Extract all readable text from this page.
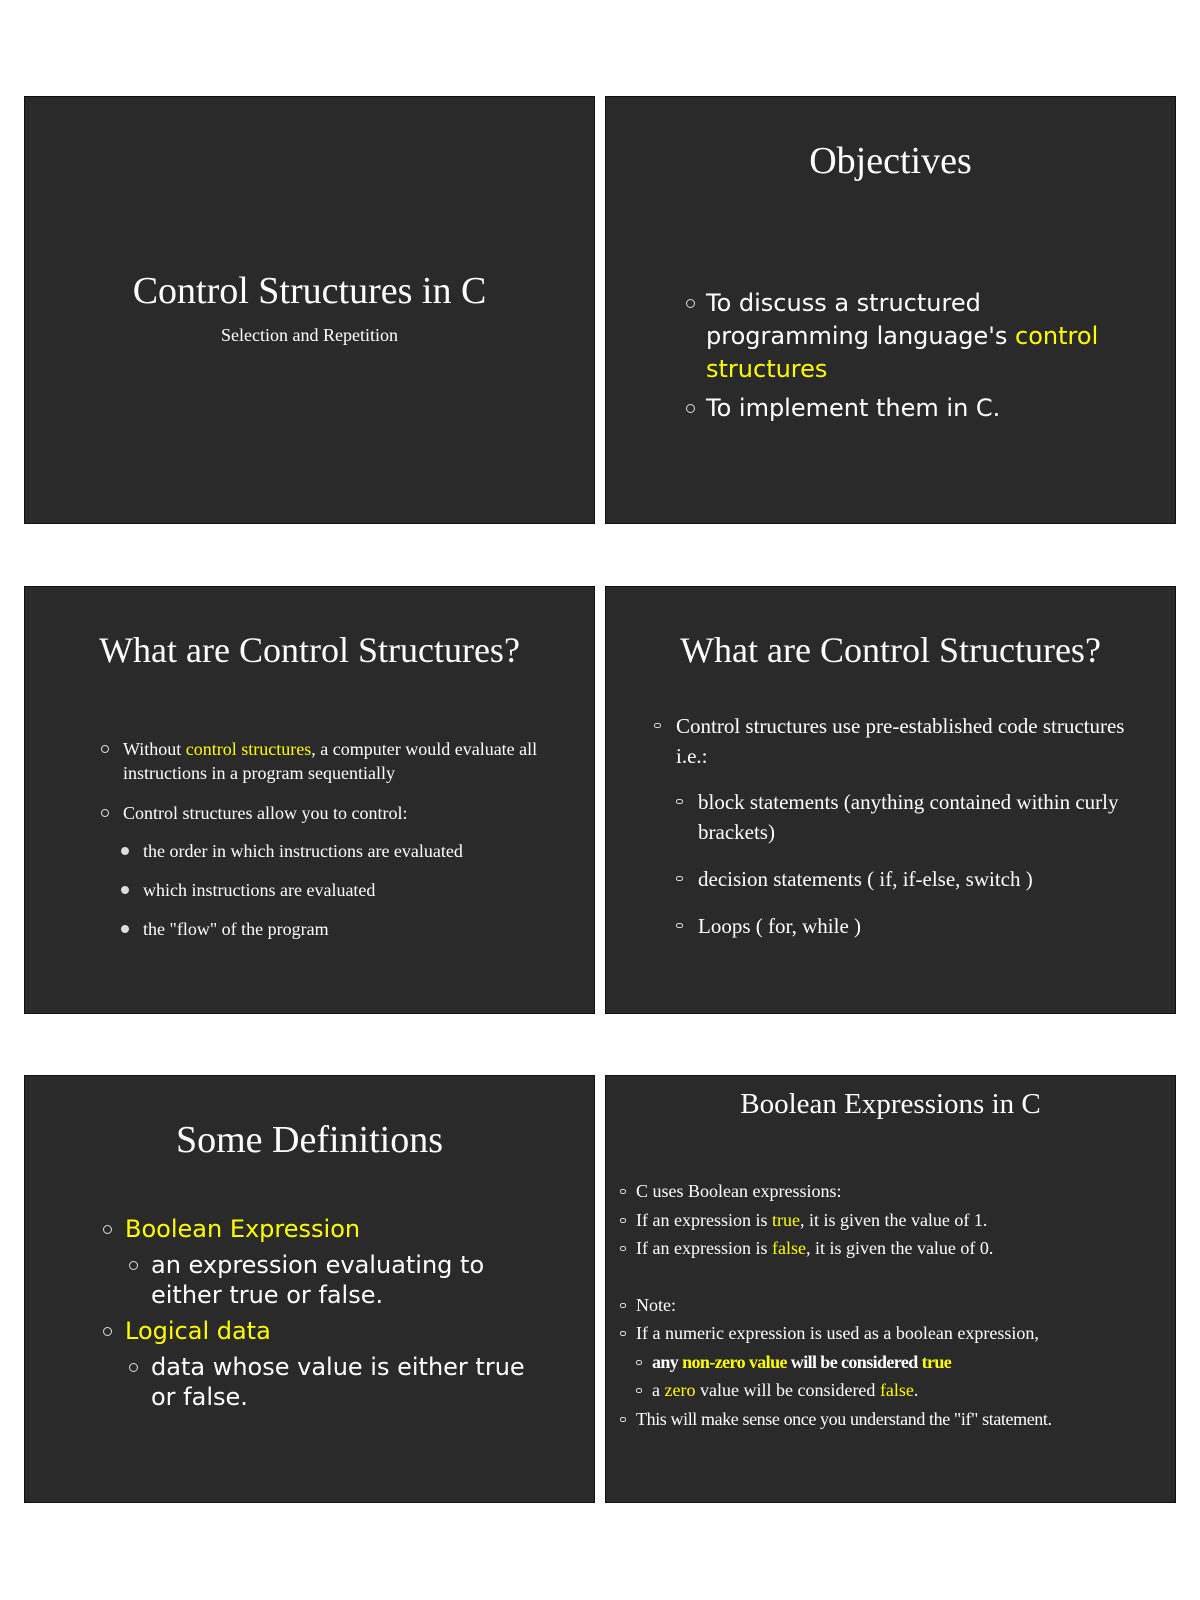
Control Structures in C
Selection and Repetition
Objectives
To discuss a structured programming language's control structures
To implement them in C.
What are Control Structures?
Without control structures, a computer would evaluate all instructions in a program sequentially
Control structures allow you to control:
the order in which instructions are evaluated
which instructions are evaluated
the "flow" of the program
What are Control Structures?
Control structures use pre-established code structures i.e.:
block statements (anything contained within curly brackets)
decision statements ( if, if-else, switch )
Loops ( for, while )
Some Definitions
Boolean Expression
an expression evaluating to either true or false.
Logical data
data whose value is either true or false.
Boolean Expressions in C
C uses Boolean expressions:
If an expression is true, it is given the value of 1.
If an expression is false, it is given the value of 0.
Note:
If a numeric expression is used as a boolean expression,
any non-zero value will be considered true
a zero value will be considered false.
This will make sense once you understand the "if" statement.
